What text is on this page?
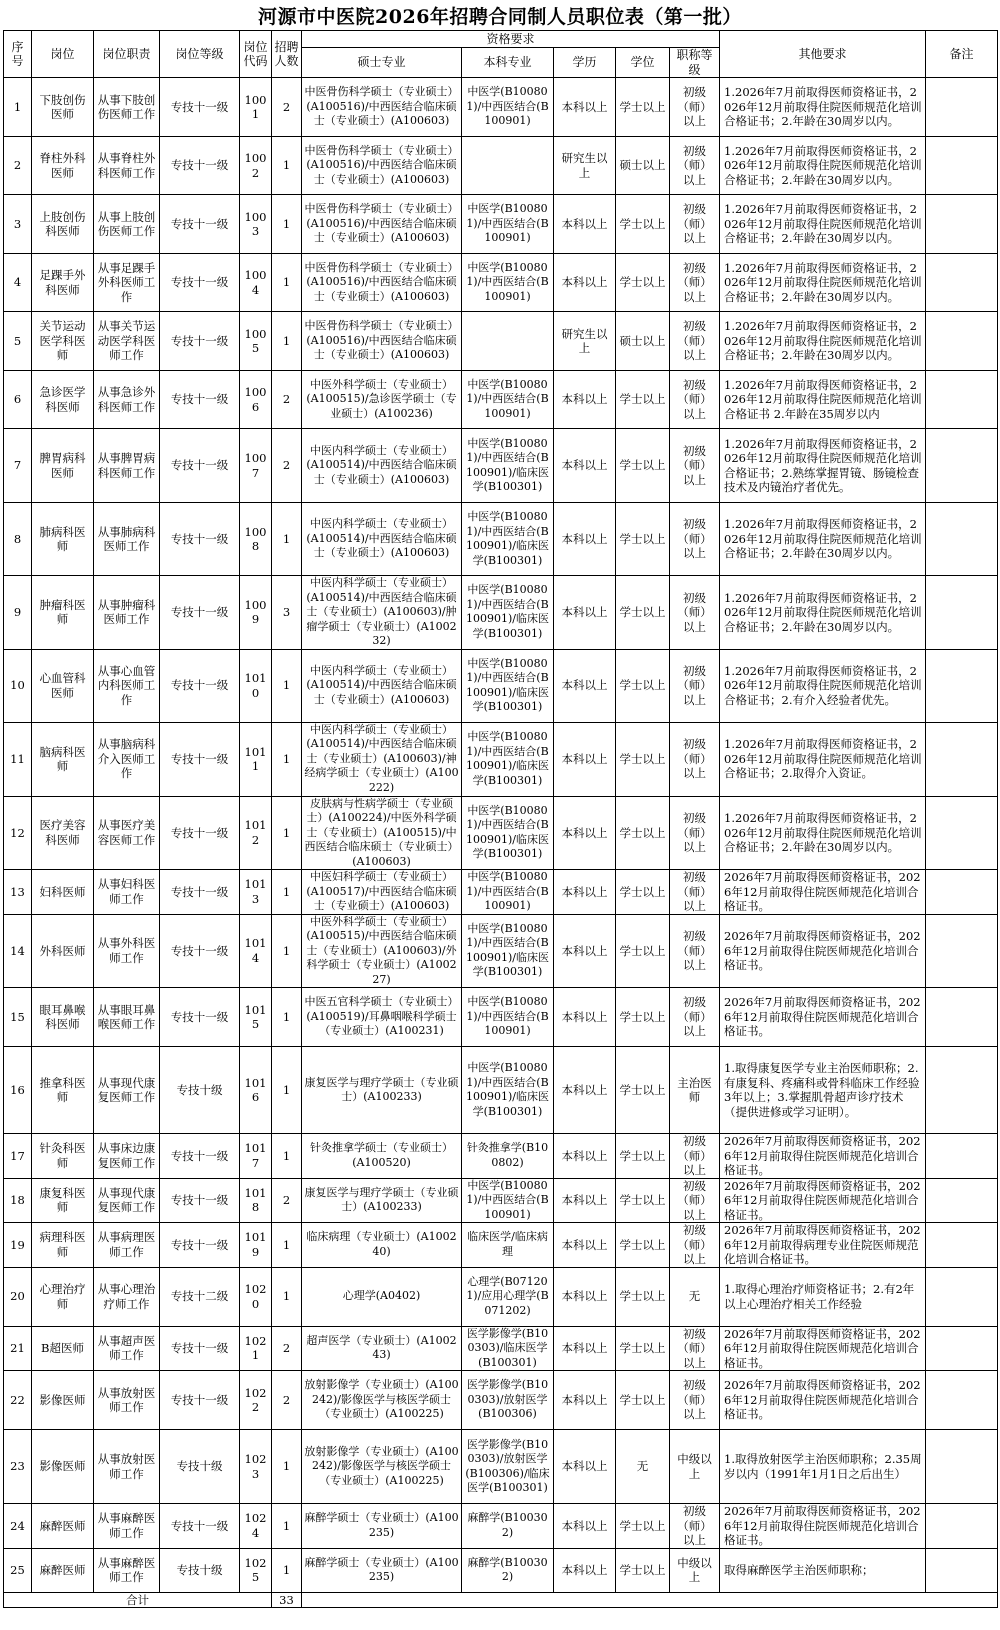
河源市中医院2026年招聘合同制人员职位表（第一批）
序号	岗位	岗位职责	岗位等级	岗位代码	招聘人数	资格要求					其他要求	备注
						硕士专业	本科专业	学历	学位	职称等级		
1	下肢创伤医师	从事下肢创伤医师工作	专技十一级	1001	2	中医骨伤科学硕士（专业硕士）(A100516)/中西医结合临床硕士（专业硕士）(A100603)	中医学(B100801)/中西医结合(B100901)	本科以上	学士以上	初级（师）以上	1.2026年7月前取得医师资格证书，2026年12月前取得住院医师规范化培训合格证书；2.年龄在30周岁以内。	
2	脊柱外科医师	从事脊柱外科医师工作	专技十一级	1002	1	中医骨伤科学硕士（专业硕士）(A100516)/中西医结合临床硕士（专业硕士）(A100603)		研究生以上	硕士以上	初级（师）以上	1.2026年7月前取得医师资格证书，2026年12月前取得住院医师规范化培训合格证书；2.年龄在30周岁以内。	
3	上肢创伤科医师	从事上肢创伤医师工作	专技十一级	1003	1	中医骨伤科学硕士（专业硕士）(A100516)/中西医结合临床硕士（专业硕士）(A100603)	中医学(B100801)/中西医结合(B100901)	本科以上	学士以上	初级（师）以上	1.2026年7月前取得医师资格证书，2026年12月前取得住院医师规范化培训合格证书；2.年龄在30周岁以内。	
4	足踝手外科医师	从事足踝手外科医师工作	专技十一级	1004	1	中医骨伤科学硕士（专业硕士）(A100516)/中西医结合临床硕士（专业硕士）(A100603)	中医学(B100801)/中西医结合(B100901)	本科以上	学士以上	初级（师）以上	1.2026年7月前取得医师资格证书，2026年12月前取得住院医师规范化培训合格证书；2.年龄在30周岁以内。	
5	关节运动医学科医师	从事关节运动医学科医师工作	专技十一级	1005	1	中医骨伤科学硕士（专业硕士）(A100516)/中西医结合临床硕士（专业硕士）(A100603)		研究生以上	硕士以上	初级（师）以上	1.2026年7月前取得医师资格证书，2026年12月前取得住院医师规范化培训合格证书；2.年龄在30周岁以内。	
6	急诊医学科医师	从事急诊外科医师工作	专技十一级	1006	2	中医外科学硕士（专业硕士）(A100515)/急诊医学硕士（专业硕士）(A100236)	中医学(B100801)/中西医结合(B100901)	本科以上	学士以上	初级（师）以上	1.2026年7月前取得医师资格证书，2026年12月前取得住院医师规范化培训合格证书 2.年龄在35周岁以内	
7	脾胃病科医师	从事脾胃病科医师工作	专技十一级	1007	2	中医内科学硕士（专业硕士）(A100514)/中西医结合临床硕士（专业硕士）(A100603)	中医学(B100801)/中西医结合(B100901)/临床医学(B100301)	本科以上	学士以上	初级（师）以上	1.2026年7月前取得医师资格证书，2026年12月前取得住院医师规范化培训合格证书；2.熟练掌握胃镜、肠镜检查技术及内镜治疗者优先。	
8	肺病科医师	从事肺病科医师工作	专技十一级	1008	1	中医内科学硕士（专业硕士）(A100514)/中西医结合临床硕士（专业硕士）(A100603)	中医学(B100801)/中西医结合(B100901)/临床医学(B100301)	本科以上	学士以上	初级（师）以上	1.2026年7月前取得医师资格证书，2026年12月前取得住院医师规范化培训合格证书；2.年龄在30周岁以内。	
9	肿瘤科医师	从事肿瘤科医师工作	专技十一级	1009	3	中医内科学硕士（专业硕士）(A100514)/中西医结合临床硕士（专业硕士）(A100603)/肿瘤学硕士（专业硕士）(A100232)	中医学(B100801)/中西医结合(B100901)/临床医学(B100301)	本科以上	学士以上	初级（师）以上	1.2026年7月前取得医师资格证书，2026年12月前取得住院医师规范化培训合格证书；2.年龄在30周岁以内。	
10	心血管科医师	从事心血管内科医师工作	专技十一级	1010	1	中医内科学硕士（专业硕士）(A100514)/中西医结合临床硕士（专业硕士）(A100603)	中医学(B100801)/中西医结合(B100901)/临床医学(B100301)	本科以上	学士以上	初级（师）以上	1.2026年7月前取得医师资格证书，2026年12月前取得住院医师规范化培训合格证书；2.有介入经验者优先。	
11	脑病科医师	从事脑病科介入医师工作	专技十一级	1011	1	中医内科学硕士（专业硕士）(A100514)/中西医结合临床硕士（专业硕士）(A100603)/神经病学硕士（专业硕士）(A100222)	中医学(B100801)/中西医结合(B100901)/临床医学(B100301)	本科以上	学士以上	初级（师）以上	1.2026年7月前取得医师资格证书，2026年12月前取得住院医师规范化培训合格证书；2.取得介入资证。	
12	医疗美容科医师	从事医疗美容医师工作	专技十一级	1012	1	皮肤病与性病学硕士（专业硕士）(A100224)/中医外科学硕士（专业硕士）(A100515)/中西医结合临床硕士（专业硕士）(A100603)	中医学(B100801)/中西医结合(B100901)/临床医学(B100301)	本科以上	学士以上	初级（师）以上	1.2026年7月前取得医师资格证书，2026年12月前取得住院医师规范化培训合格证书；2.年龄在30周岁以内。	
13	妇科医师	从事妇科医师工作	专技十一级	1013	1	中医妇科学硕士（专业硕士）(A100517)/中西医结合临床硕士（专业硕士）(A100603)	中医学(B100801)/中西医结合(B100901)	本科以上	学士以上	初级（师）以上	2026年7月前取得医师资格证书，2026年12月前取得住院医师规范化培训合格证书。	
14	外科医师	从事外科医师工作	专技十一级	1014	1	中医外科学硕士（专业硕士）(A100515)/中西医结合临床硕士（专业硕士）(A100603)/外科学硕士（专业硕士）(A100227)	中医学(B100801)/中西医结合(B100901)/临床医学(B100301)	本科以上	学士以上	初级（师）以上	2026年7月前取得医师资格证书，2026年12月前取得住院医师规范化培训合格证书。	
15	眼耳鼻喉科医师	从事眼耳鼻喉医师工作	专技十一级	1015	1	中医五官科学硕士（专业硕士）(A100519)/耳鼻咽喉科学硕士（专业硕士）(A100231)	中医学(B100801)/中西医结合(B100901)	本科以上	学士以上	初级（师）以上	2026年7月前取得医师资格证书，2026年12月前取得住院医师规范化培训合格证书。	
16	推拿科医师	从事现代康复医师工作	专技十级	1016	1	康复医学与理疗学硕士（专业硕士）(A100233)	中医学(B100801)/中西医结合(B100901)/临床医学(B100301)	本科以上	学士以上	主治医师	1.取得康复医学专业主治医师职称；2.有康复科、疼痛科或骨科临床工作经验3年以上；3.掌握肌骨超声诊疗技术（提供进修或学习证明）。	
17	针灸科医师	从事床边康复医师工作	专技十一级	1017	1	针灸推拿学硕士（专业硕士）(A100520)	针灸推拿学(B100802)	本科以上	学士以上	初级（师）以上	2026年7月前取得医师资格证书，2026年12月前取得住院医师规范化培训合格证书。	
18	康复科医师	从事现代康复医师工作	专技十一级	1018	2	康复医学与理疗学硕士（专业硕士）(A100233)	中医学(B100801)/中西医结合(B100901)	本科以上	学士以上	初级（师）以上	2026年7月前取得医师资格证书，2026年12月前取得住院医师规范化培训合格证书。	
19	病理科医师	从事病理医师工作	专技十一级	1019	1	临床病理（专业硕士）(A100240)	临床医学/临床病理	本科以上	学士以上	初级（师）以上	2026年7月前取得医师资格证书，2026年12月前取得病理专业住院医师规范化培训合格证书。	
20	心理治疗师	从事心理治疗师工作	专技十二级	1020	1	心理学(A0402)	心理学(B071201)/应用心理学(B071202)	本科以上	学士以上	无	1.取得心理治疗师资格证书；2.有2年以上心理治疗相关工作经验	
21	B超医师	从事超声医师工作	专技十一级	1021	2	超声医学（专业硕士）(A100243)	医学影像学(B100303)/临床医学(B100301)	本科以上	学士以上	初级（师）以上	2026年7月前取得医师资格证书，2026年12月前取得住院医师规范化培训合格证书。	
22	影像医师	从事放射医师工作	专技十一级	1022	2	放射影像学（专业硕士）(A100242)/影像医学与核医学硕士（专业硕士）(A100225)	医学影像学(B100303)/放射医学(B100306)	本科以上	学士以上	初级（师）以上	2026年7月前取得医师资格证书，2026年12月前取得住院医师规范化培训合格证书。	
23	影像医师	从事放射医师工作	专技十级	1023	1	放射影像学（专业硕士）(A100242)/影像医学与核医学硕士（专业硕士）(A100225)	医学影像学(B100303)/放射医学(B100306)/临床医学(B100301)	本科以上	无	中级以上	1.取得放射医学主治医师职称；2.35周岁以内（1991年1月1日之后出生）	
24	麻醉医师	从事麻醉医师工作	专技十一级	1024	1	麻醉学硕士（专业硕士）(A100235)	麻醉学(B100302)	本科以上	学士以上	初级（师）以上	2026年7月前取得医师资格证书，2026年12月前取得住院医师规范化培训合格证书。	
25	麻醉医师	从事麻醉医师工作	专技十级	1025	1	麻醉学硕士（专业硕士）(A100235)	麻醉学(B100302)	本科以上	学士以上	中级以上	取得麻醉医学主治医师职称；	
合计					33							
